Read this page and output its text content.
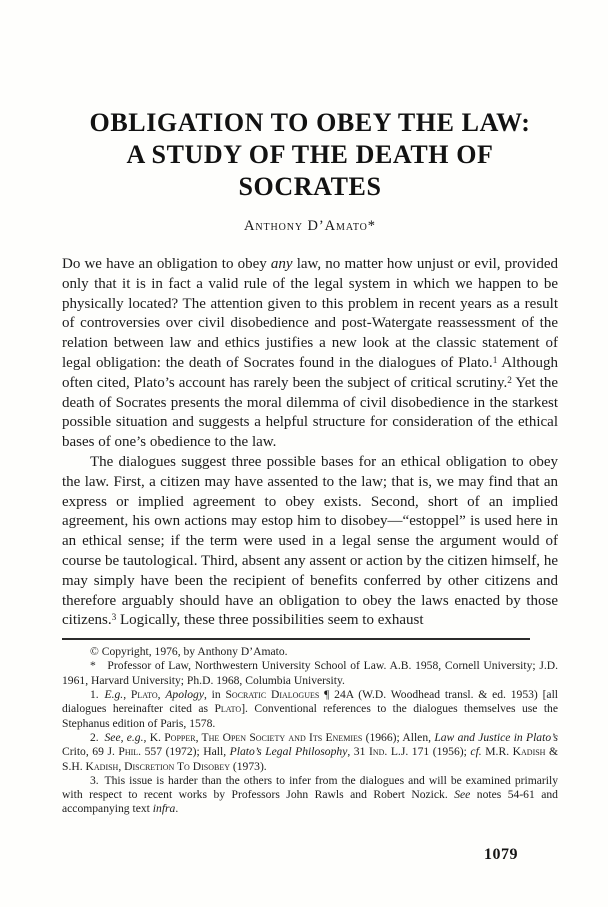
OBLIGATION TO OBEY THE LAW:
A STUDY OF THE DEATH OF
SOCRATES
Anthony D’Amato*

Do we have an obligation to obey any law, no matter how unjust or evil, provided only that it is in fact a valid rule of the legal system in which we happen to be physically located? The attention given to this problem in recent years as a result of controversies over civil disobedience and post-Watergate reassessment of the relation between law and ethics justifies a new look at the classic statement of legal obligation: the death of Socrates found in the dialogues of Plato.$^1$ Although often cited, Plato’s account has rarely been the subject of critical scrutiny.$^2$ Yet the death of Socrates presents the moral dilemma of civil disobedience in the starkest possible situation and suggests a helpful structure for consideration of the ethical bases of one’s obedience to the law.

The dialogues suggest three possible bases for an ethical obligation to obey the law. First, a citizen may have assented to the law; that is, we may find that an express or implied agreement to obey exists. Second, short of an implied agreement, his own actions may estop him to disobey—“estoppel” is used here in an ethical sense; if the term were used in a legal sense the argument would of course be tautological. Third, absent any assent or action by the citizen himself, he may simply have been the recipient of benefits conferred by other citizens and therefore arguably should have an obligation to obey the laws enacted by those citizens.$^3$ Logically, these three possibilities seem to exhaust

© Copyright, 1976, by Anthony D’Amato.

* Professor of Law, Northwestern University School of Law. A.B. 1958, Cornell University; J.D. 1961, Harvard University; Ph.D. 1968, Columbia University.

1. E.g., Plato, Apology, in Socratic Dialogues ¶ 24A (W.D. Woodhead transl. & ed. 1953) [all dialogues hereinafter cited as Plato]. Conventional references to the dialogues themselves use the Stephanus edition of Paris, 1578.

2. See, e.g., K. Popper, The Open Society and Its Enemies (1966); Allen, Law and Justice in Plato’s Crito, 69 J. Phil. 557 (1972); Hall, Plato’s Legal Philosophy, 31 Ind. L.J. 171 (1956); cf. M.R. Kadish & S.H. Kadish, Discretion To Disobey (1973).

3. This issue is harder than the others to infer from the dialogues and will be examined primarily with respect to recent works by Professors John Rawls and Robert Nozick. See notes 54-61 and accompanying text infra.

1079
